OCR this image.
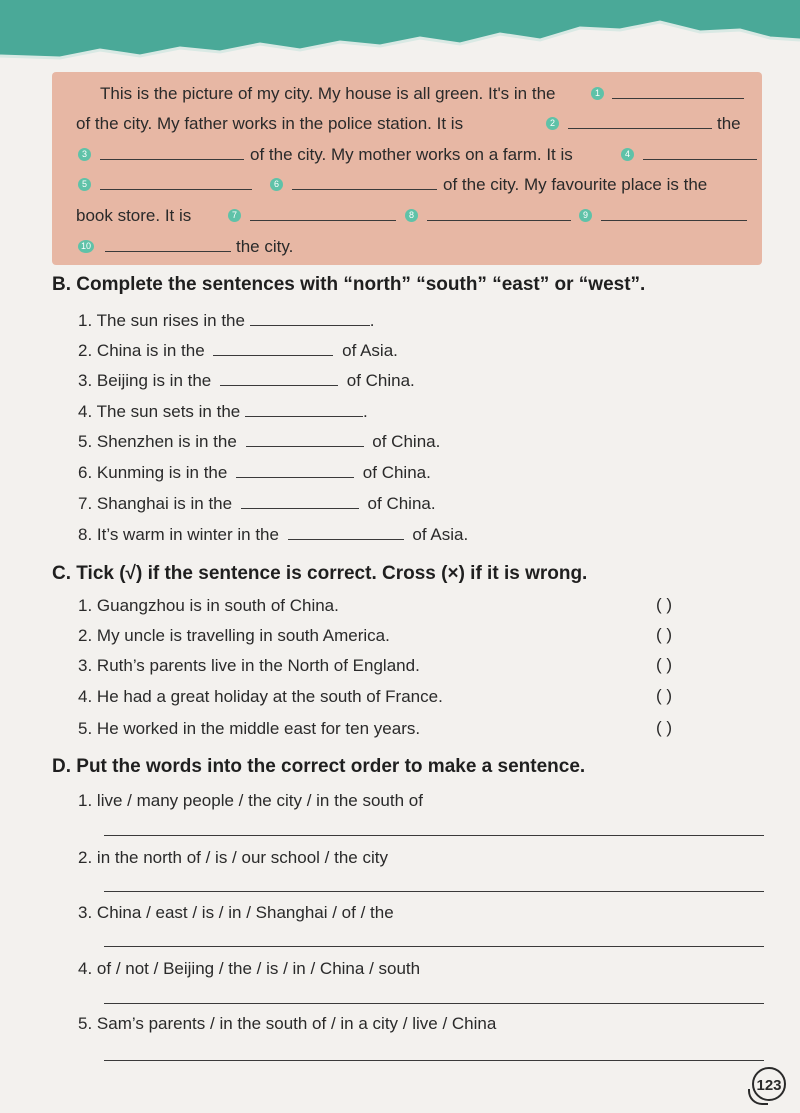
This is the picture of my city. My house is all green. It's in the	1
of the city. My father works in the police station. It is	2	the
3	of the city. My mother works on a farm. It is	4
5	6	of the city. My favourite place is the
book store. It is	7	8	9
10	the city.
B. Complete the sentences with “north” “south” “east” or “west”.
1. The sun rises in the	.
2. China is in the	of Asia.
3. Beijing is in the	of China.
4. The sun sets in the	.
5. Shenzhen is in the	of China.
6. Kunming is in the	of China.
7. Shanghai is in the	of China.
8. It’s warm in winter in the	of Asia.
C. Tick (√) if the sentence is correct. Cross (×) if it is wrong.
1. Guangzhou is in south of China.	( )
2. My uncle is travelling in south America.	( )
3. Ruth’s parents live in the North of England.	( )
4. He had a great holiday at the south of France.	( )
5. He worked in the middle east for ten years.	( )
D. Put the words into the correct order to make a sentence.
1. live / many people / the city / in the south of
2. in the north of / is / our school / the city
3. China / east / is / in / Shanghai / of / the
4. of / not / Beijing / the / is / in / China / south
5. Sam’s parents / in the south of / in a city / live / China
123
